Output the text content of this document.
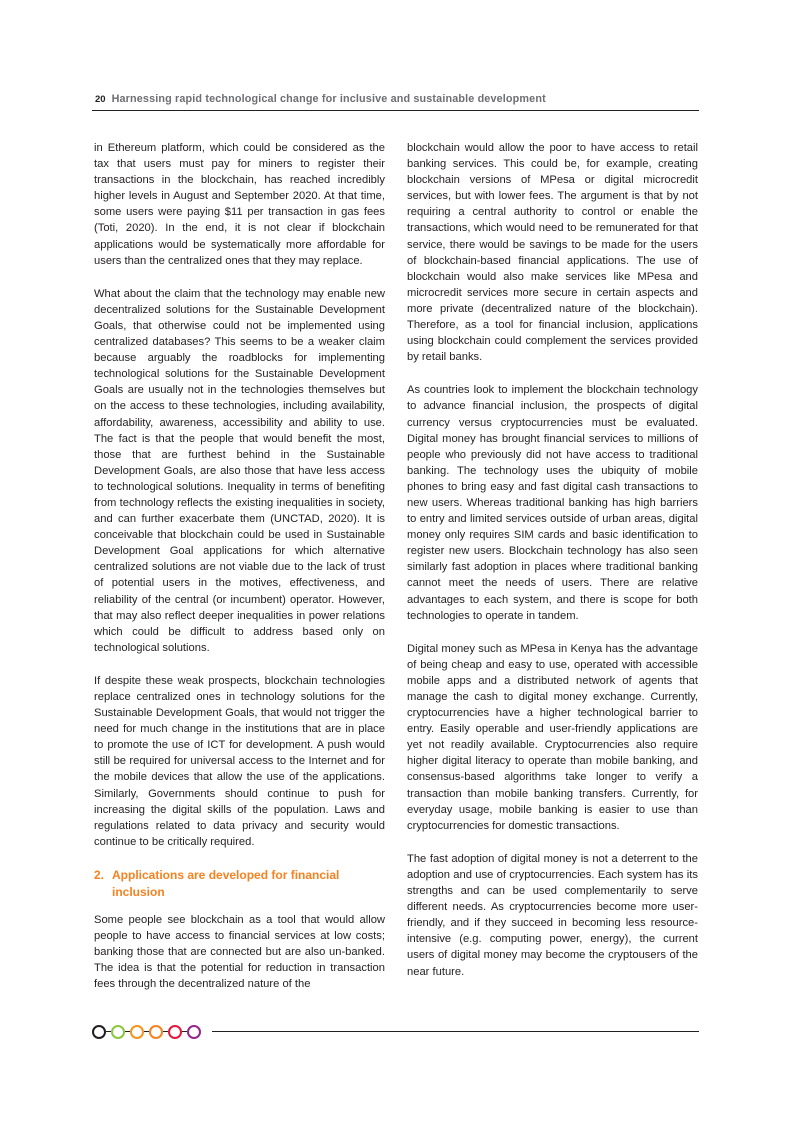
20 Harnessing rapid technological change for inclusive and sustainable development

in Ethereum platform, which could be considered as the tax that users must pay for miners to register their transactions in the blockchain, has reached incredibly higher levels in August and September 2020. At that time, some users were paying $11 per transaction in gas fees (Toti, 2020). In the end, it is not clear if blockchain applications would be systematically more affordable for users than the centralized ones that they may replace.

What about the claim that the technology may enable new decentralized solutions for the Sustainable Development Goals, that otherwise could not be implemented using centralized databases? This seems to be a weaker claim because arguably the roadblocks for implementing technological solutions for the Sustainable Development Goals are usually not in the technologies themselves but on the access to these technologies, including availability, affordability, awareness, accessibility and ability to use. The fact is that the people that would benefit the most, those that are furthest behind in the Sustainable Development Goals, are also those that have less access to technological solutions. Inequality in terms of benefiting from technology reflects the existing inequalities in society, and can further exacerbate them (UNCTAD, 2020). It is conceivable that blockchain could be used in Sustainable Development Goal applications for which alternative centralized solutions are not viable due to the lack of trust of potential users in the motives, effectiveness, and reliability of the central (or incumbent) operator. However, that may also reflect deeper inequalities in power relations which could be difficult to address based only on technological solutions.

If despite these weak prospects, blockchain technologies replace centralized ones in technology solutions for the Sustainable Development Goals, that would not trigger the need for much change in the institutions that are in place to promote the use of ICT for development. A push would still be required for universal access to the Internet and for the mobile devices that allow the use of the applications. Similarly, Governments should continue to push for increasing the digital skills of the population. Laws and regulations related to data privacy and security would continue to be critically required.

2. Applications are developed for financial inclusion

Some people see blockchain as a tool that would allow people to have access to financial services at low costs; banking those that are connected but are also un-banked. The idea is that the potential for reduction in transaction fees through the decentralized nature of the

blockchain would allow the poor to have access to retail banking services. This could be, for example, creating blockchain versions of MPesa or digital microcredit services, but with lower fees. The argument is that by not requiring a central authority to control or enable the transactions, which would need to be remunerated for that service, there would be savings to be made for the users of blockchain-based financial applications. The use of blockchain would also make services like MPesa and microcredit services more secure in certain aspects and more private (decentralized nature of the blockchain). Therefore, as a tool for financial inclusion, applications using blockchain could complement the services provided by retail banks.

As countries look to implement the blockchain technology to advance financial inclusion, the prospects of digital currency versus cryptocurrencies must be evaluated. Digital money has brought financial services to millions of people who previously did not have access to traditional banking. The technology uses the ubiquity of mobile phones to bring easy and fast digital cash transactions to new users. Whereas traditional banking has high barriers to entry and limited services outside of urban areas, digital money only requires SIM cards and basic identification to register new users. Blockchain technology has also seen similarly fast adoption in places where traditional banking cannot meet the needs of users. There are relative advantages to each system, and there is scope for both technologies to operate in tandem.

Digital money such as MPesa in Kenya has the advantage of being cheap and easy to use, operated with accessible mobile apps and a distributed network of agents that manage the cash to digital money exchange. Currently, cryptocurrencies have a higher technological barrier to entry. Easily operable and user-friendly applications are yet not readily available. Cryptocurrencies also require higher digital literacy to operate than mobile banking, and consensus-based algorithms take longer to verify a transaction than mobile banking transfers. Currently, for everyday usage, mobile banking is easier to use than cryptocurrencies for domestic transactions.

The fast adoption of digital money is not a deterrent to the adoption and use of cryptocurrencies. Each system has its strengths and can be used complementarily to serve different needs. As cryptocurrencies become more user-friendly, and if they succeed in becoming less resource-intensive (e.g. computing power, energy), the current users of digital money may become the cryptousers of the near future.
